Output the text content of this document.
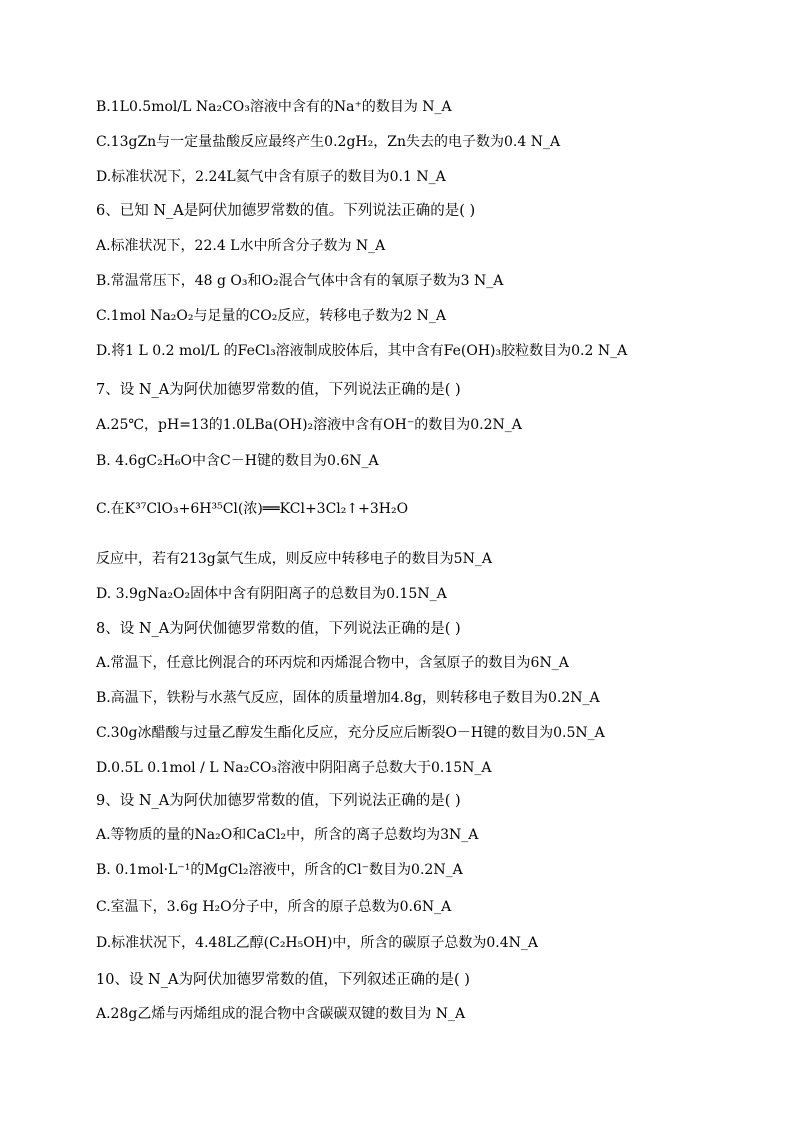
B.1L0.5mol/L Na₂CO₃溶液中含有的Na⁺的数目为 N_A
C.13gZn与一定量盐酸反应最终产生0.2gH₂，Zn失去的电子数为0.4 N_A
D.标准状况下，2.24L氦气中含有原子的数目为0.1 N_A
6、已知 N_A是阿伏加德罗常数的值。下列说法正确的是( )
A.标准状况下，22.4 L水中所含分子数为 N_A
B.常温常压下，48 g O₃和O₂混合气体中含有的氧原子数为3 N_A
C.1mol Na₂O₂与足量的CO₂反应，转移电子数为2 N_A
D.将1 L 0.2 mol/L 的FeCl₃溶液制成胶体后，其中含有Fe(OH)₃胶粒数目为0.2 N_A
7、设 N_A为阿伏加德罗常数的值，下列说法正确的是( )
A.25℃，pH=13的1.0LBa(OH)₂溶液中含有OH⁻的数目为0.2N_A
B. 4.6gC₂H₆O中含C－H键的数目为0.6N_A
C.在K³⁷ClO₃+6H³⁵Cl(浓)══KCl+3Cl₂↑+3H₂O
反应中，若有213g氯气生成，则反应中转移电子的数目为5N_A
D. 3.9gNa₂O₂固体中含有阴阳离子的总数目为0.15N_A
8、设 N_A为阿伏伽德罗常数的值，下列说法正确的是( )
A.常温下，任意比例混合的环丙烷和丙烯混合物中，含氢原子的数目为6N_A
B.高温下，铁粉与水蒸气反应，固体的质量增加4.8g，则转移电子数目为0.2N_A
C.30g冰醋酸与过量乙醇发生酯化反应，充分反应后断裂O－H键的数目为0.5N_A
D.0.5L 0.1mol / L Na₂CO₃溶液中阴阳离子总数大于0.15N_A
9、设 N_A为阿伏加德罗常数的值，下列说法正确的是( )
A.等物质的量的Na₂O和CaCl₂中，所含的离子总数均为3N_A
B. 0.1mol·L⁻¹的MgCl₂溶液中，所含的Cl⁻数目为0.2N_A
C.室温下，3.6g H₂O分子中，所含的原子总数为0.6N_A
D.标准状况下，4.48L乙醇(C₂H₅OH)中，所含的碳原子总数为0.4N_A
10、设 N_A为阿伏加德罗常数的值，下列叙述正确的是( )
A.28g乙烯与丙烯组成的混合物中含碳碳双键的数目为 N_A
